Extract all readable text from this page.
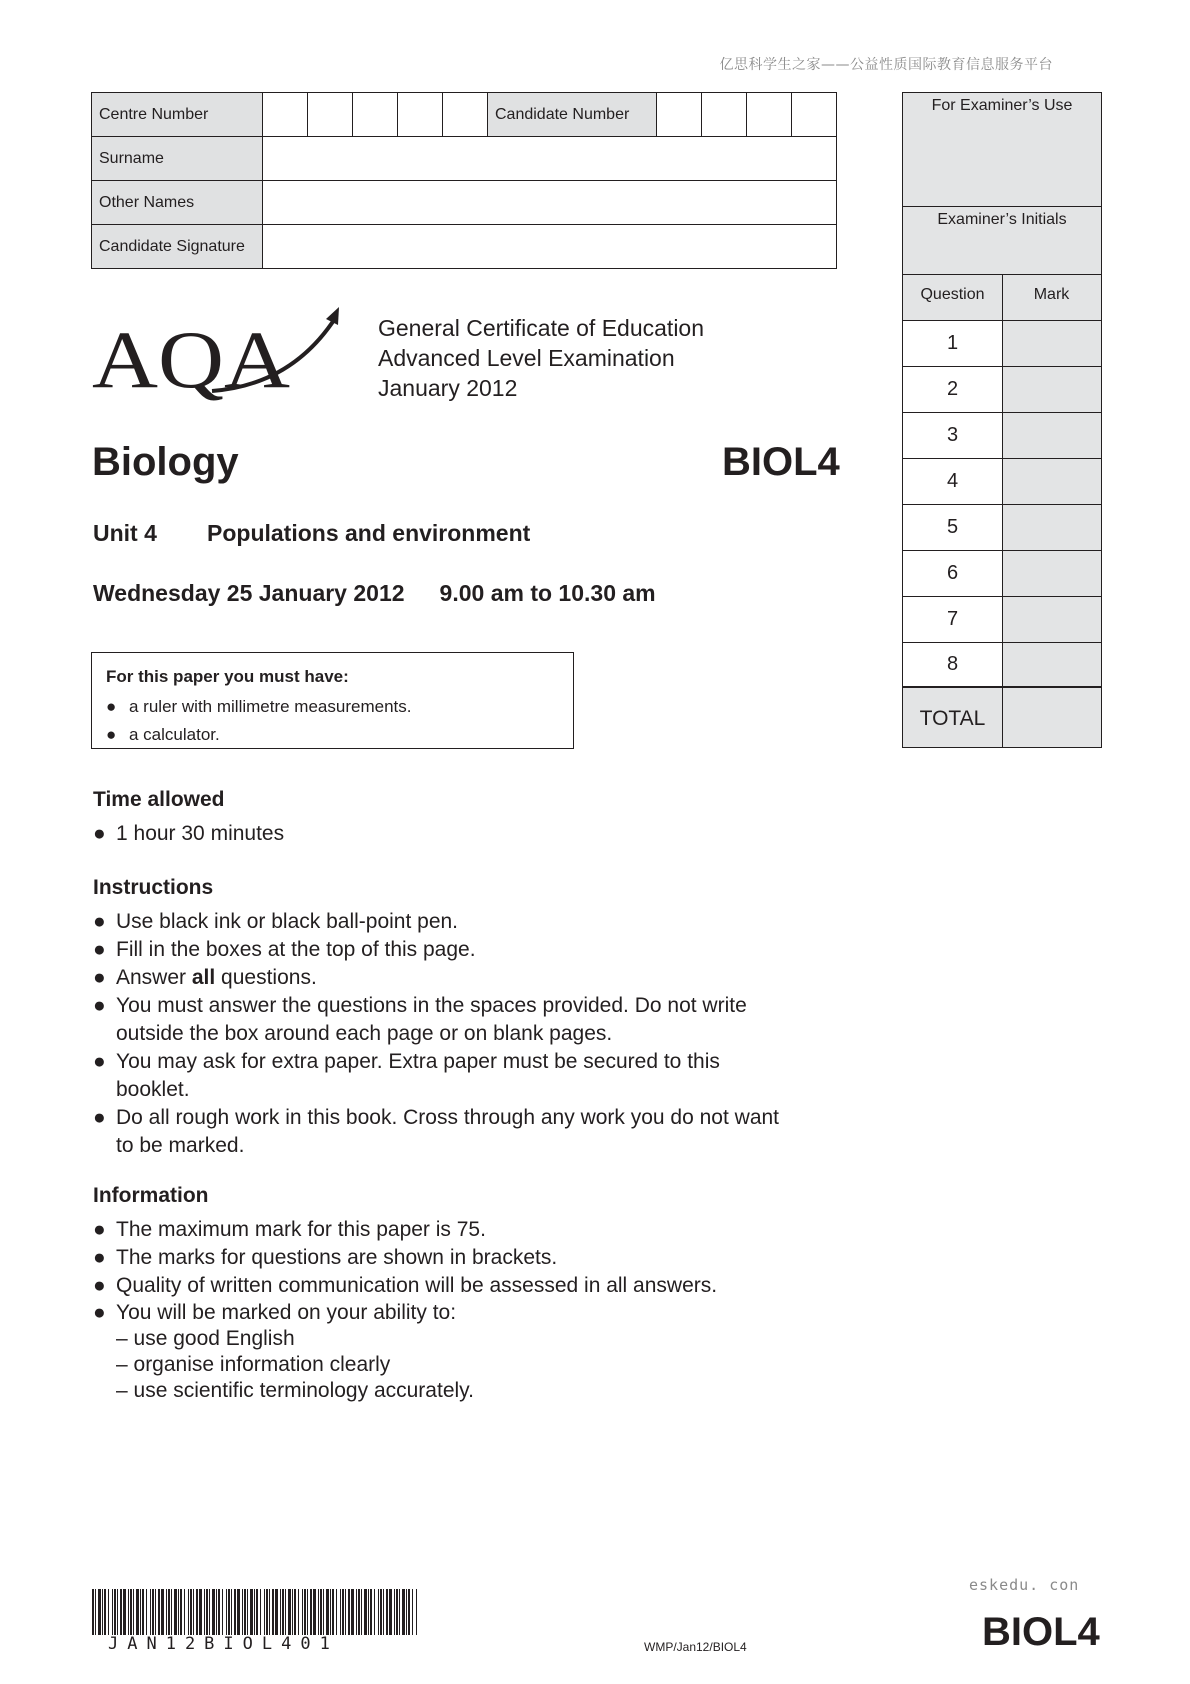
亿思科学生之家——公益性质国际教育信息服务平台
Centre Number						Candidate Number				
Surname										
Other Names										
Candidate Signature										
For Examiner’s Use
Examiner’s Initials
Question	Mark
1
2
3
4
5
6
7
8
TOTAL
AQA	General Certificate of Education
Advanced Level Examination
January 2012
Biology	BIOL4
Unit 4 Populations and environment
Wednesday 25 January 2012 9.00 am to 10.30 am
For this paper you must have:
● a ruler with millimetre measurements.
● a calculator.
Time allowed
● 1 hour 30 minutes
Instructions
● Use black ink or black ball-point pen.
● Fill in the boxes at the top of this page.
● Answer all questions.
● You must answer the questions in the spaces provided. Do not write outside the box around each page or on blank pages.
● You may ask for extra paper. Extra paper must be secured to this booklet.
● Do all rough work in this book. Cross through any work you do not want to be marked.
Information
● The maximum mark for this paper is 75.
● The marks for questions are shown in brackets.
● Quality of written communication will be assessed in all answers.
● You will be marked on your ability to:
– use good English
– organise information clearly
– use scientific terminology accurately.
JAN12BIOL401	WMP/Jan12/BIOL4
eskedu. con
BIOL4
